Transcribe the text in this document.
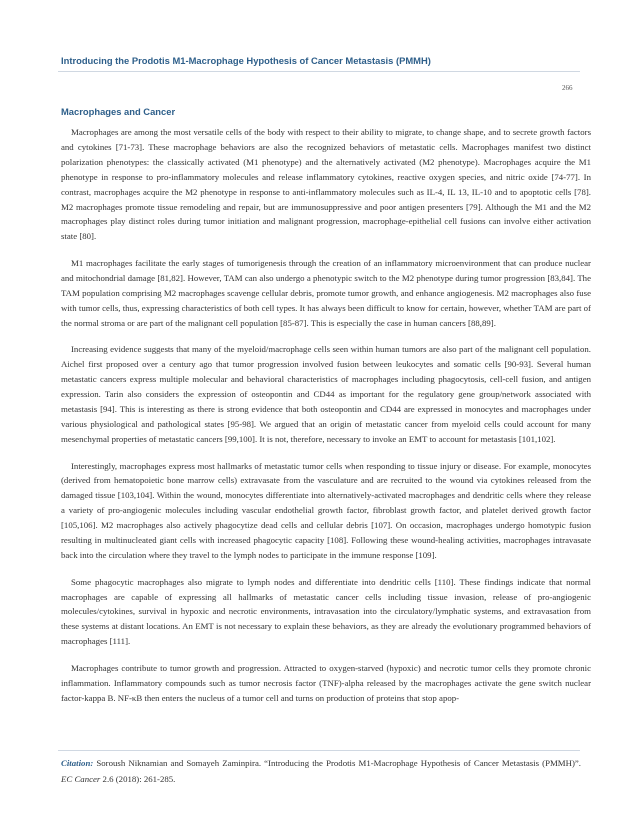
Introducing the Prodotis M1-Macrophage Hypothesis of Cancer Metastasis (PMMH)
266
Macrophages and Cancer

Macrophages are among the most versatile cells of the body with respect to their ability to migrate, to change shape, and to secrete growth factors and cytokines [71-73]. These macrophage behaviors are also the recognized behaviors of metastatic cells. Macrophages manifest two distinct polarization phenotypes: the classically activated (M1 phenotype) and the alternatively activated (M2 phenotype). Macrophages acquire the M1 phenotype in response to pro-inflammatory molecules and release inflammatory cytokines, reactive oxygen species, and nitric oxide [74-77]. In contrast, macrophages acquire the M2 phenotype in response to anti-inflammatory molecules such as IL-4, IL 13, IL-10 and to apoptotic cells [78]. M2 macrophages promote tissue remodeling and repair, but are immunosuppressive and poor antigen presenters [79]. Although the M1 and the M2 macrophages play distinct roles during tumor initiation and malignant progression, macrophage-epithelial cell fusions can involve either activation state [80].

M1 macrophages facilitate the early stages of tumorigenesis through the creation of an inflammatory microenvironment that can produce nuclear and mitochondrial damage [81,82]. However, TAM can also undergo a phenotypic switch to the M2 phenotype during tumor progression [83,84]. The TAM population comprising M2 macrophages scavenge cellular debris, promote tumor growth, and enhance angiogenesis. M2 macrophages also fuse with tumor cells, thus, expressing characteristics of both cell types. It has always been difficult to know for certain, however, whether TAM are part of the normal stroma or are part of the malignant cell population [85-87]. This is especially the case in human cancers [88,89].

Increasing evidence suggests that many of the myeloid/macrophage cells seen within human tumors are also part of the malignant cell population. Aichel first proposed over a century ago that tumor progression involved fusion between leukocytes and somatic cells [90-93]. Several human metastatic cancers express multiple molecular and behavioral characteristics of macrophages including phagocytosis, cell-cell fusion, and antigen expression. Tarin also considers the expression of osteopontin and CD44 as important for the regulatory gene group/network associated with metastasis [94]. This is interesting as there is strong evidence that both osteopontin and CD44 are expressed in monocytes and macrophages under various physiological and pathological states [95-98]. We argued that an origin of metastatic cancer from myeloid cells could account for many mesenchymal properties of metastatic cancers [99,100]. It is not, therefore, necessary to invoke an EMT to account for metastasis [101,102].

Interestingly, macrophages express most hallmarks of metastatic tumor cells when responding to tissue injury or disease. For example, monocytes (derived from hematopoietic bone marrow cells) extravasate from the vasculature and are recruited to the wound via cytokines released from the damaged tissue [103,104]. Within the wound, monocytes differentiate into alternatively-activated macrophages and dendritic cells where they release a variety of pro-angiogenic molecules including vascular endothelial growth factor, fibroblast growth factor, and platelet derived growth factor [105,106]. M2 macrophages also actively phagocytize dead cells and cellular debris [107]. On occasion, macrophages undergo homotypic fusion resulting in multinucleated giant cells with increased phagocytic capacity [108]. Following these wound-healing activities, macrophages intravasate back into the circulation where they travel to the lymph nodes to participate in the immune response [109].

Some phagocytic macrophages also migrate to lymph nodes and differentiate into dendritic cells [110]. These findings indicate that normal macrophages are capable of expressing all hallmarks of metastatic cancer cells including tissue invasion, release of pro-angiogenic molecules/cytokines, survival in hypoxic and necrotic environments, intravasation into the circulatory/lymphatic systems, and extravasation from these systems at distant locations. An EMT is not necessary to explain these behaviors, as they are already the evolutionary programmed behaviors of macrophages [111].

Macrophages contribute to tumor growth and progression. Attracted to oxygen-starved (hypoxic) and necrotic tumor cells they promote chronic inflammation. Inflammatory compounds such as tumor necrosis factor (TNF)-alpha released by the macrophages activate the gene switch nuclear factor-kappa B. NF-κB then enters the nucleus of a tumor cell and turns on production of proteins that stop apop-

Citation: Soroush Niknamian and Somayeh Zaminpira. “Introducing the Prodotis M1-Macrophage Hypothesis of Cancer Metastasis (PMMH)”. EC Cancer 2.6 (2018): 261-285.
